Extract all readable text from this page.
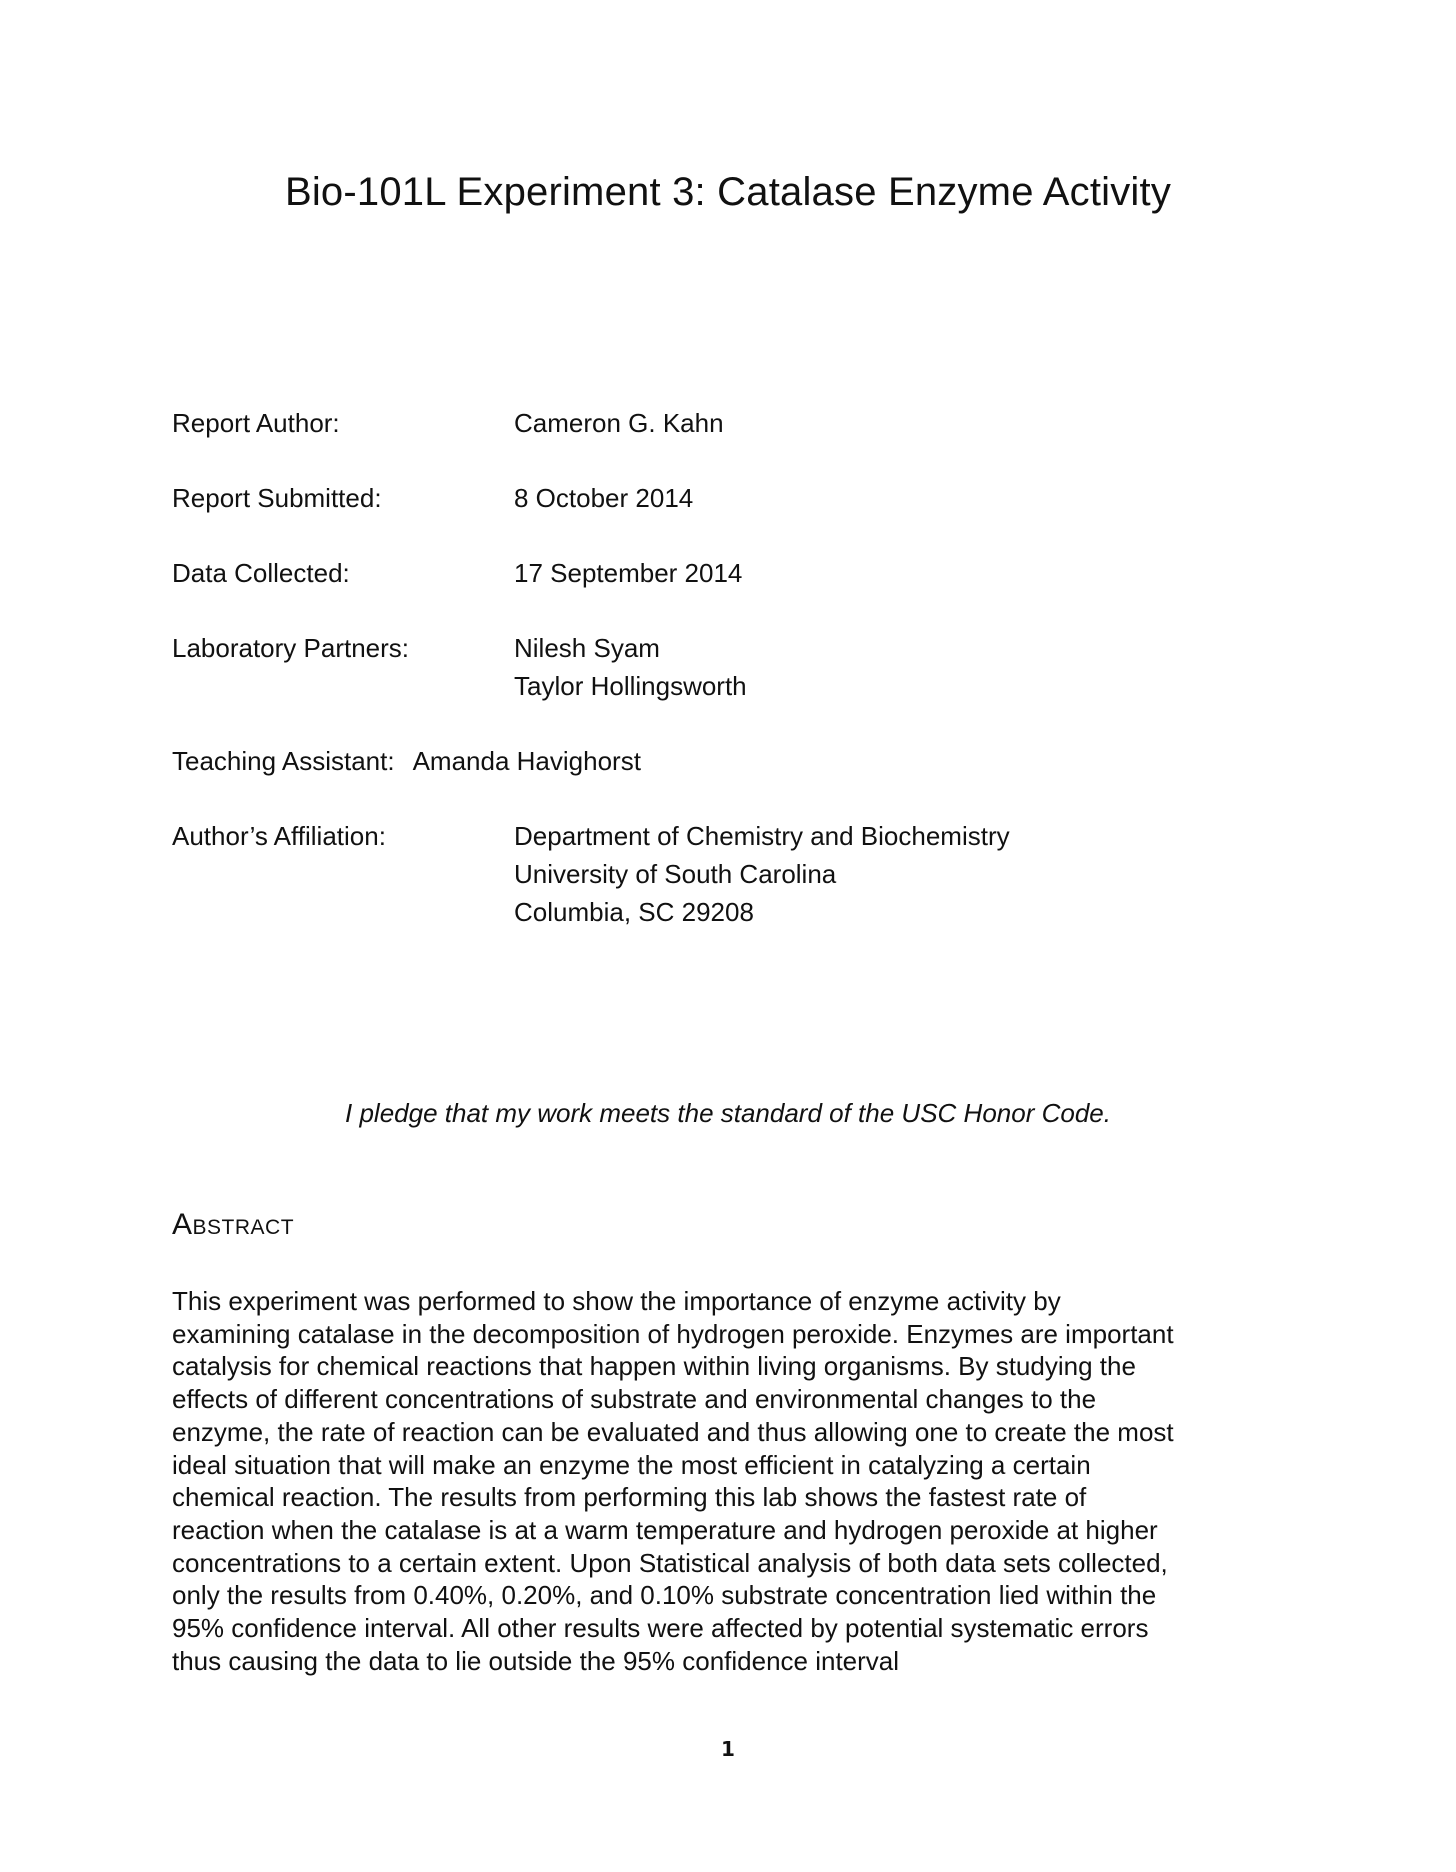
Bio-101L Experiment 3: Catalase Enzyme Activity
Report Author:	Cameron G. Kahn
Report Submitted:	8 October 2014
Data Collected:	17 September 2014
Laboratory Partners:	Nilesh Syam
Taylor Hollingsworth
Teaching Assistant: Amanda Havighorst
Author’s Affiliation:	Department of Chemistry and Biochemistry
University of South Carolina
Columbia, SC 29208
I pledge that my work meets the standard of the USC Honor Code.
Abstract
This experiment was performed to show the importance of enzyme activity by
examining catalase in the decomposition of hydrogen peroxide. Enzymes are important
catalysis for chemical reactions that happen within living organisms. By studying the
effects of different concentrations of substrate and environmental changes to the
enzyme, the rate of reaction can be evaluated and thus allowing one to create the most
ideal situation that will make an enzyme the most efficient in catalyzing a certain
chemical reaction. The results from performing this lab shows the fastest rate of
reaction when the catalase is at a warm temperature and hydrogen peroxide at higher
concentrations to a certain extent. Upon Statistical analysis of both data sets collected,
only the results from 0.40%, 0.20%, and 0.10% substrate concentration lied within the
95% confidence interval. All other results were affected by potential systematic errors
thus causing the data to lie outside the 95% confidence interval
1
